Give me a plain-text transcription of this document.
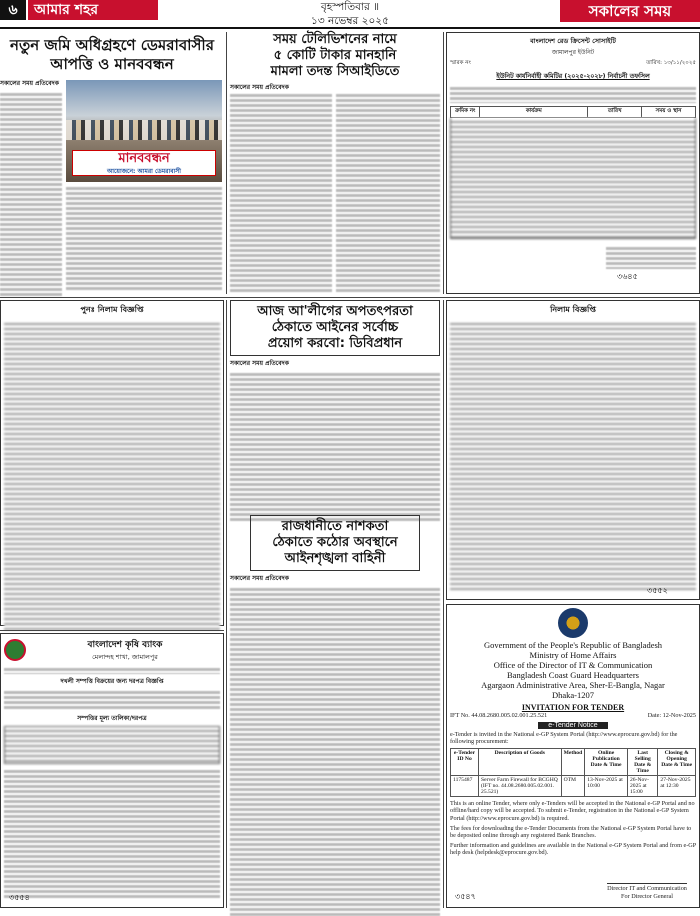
৬	আমার শহর	বৃহস্পতিবার ॥
১৩ নভেম্বর ২০২৫
সকালের সময়
নতুন জমি অধিগ্রহণে ডেমরাবাসীর আপত্তি ও মানববন্ধন
সকালের সময় প্রতিবেদক
মানববন্ধন
আয়োজনে: আমরা ডেমরাবাসী
সময় টেলিভিশনের নামে
৫ কোটি টাকার মানহানি
মামলা তদন্ত সিআইডিতে
সকালের সময় প্রতিবেদক
বাংলাদেশ রেড ক্রিসেন্ট সোসাইটি
জামালপুর ইউনিট
স্মারক নং	তারিখ: ১৩/১১/২০২৫
ইউনিট কার্যনির্বাহী কমিটির (২০২৫-২০২৮) নির্বাচনী তফসিল
ক্রমিক নং	কার্যক্রম	তারিখ	সময় ও স্থান
৩৬৪৫
পুনঃ নিলাম বিজ্ঞপ্তি	আজ আ'লীগের অপতৎপরতা
ঠেকাতে আইনের সর্বোচ্চ
প্রয়োগ করবো: ডিবিপ্রধান
সকালের সময় প্রতিবেদক
রাজধানীতে নাশকতা
ঠেকাতে কঠোর অবস্থানে
আইনশৃঙ্খলা বাহিনী
সকালের সময় প্রতিবেদক
নিলাম বিজ্ঞপ্তি
৩৫৫২
বাংলাদেশ কৃষি ব্যাংক
মেলান্দহ শাখা, জামালপুর
দখলী সম্পত্তি বিক্রয়ের জন্য দরপত্র বিজ্ঞপ্তি
সম্পত্তির মূল্য তালিকা/দরপত্র
৩৫৫৪
Government of the People's Republic of Bangladesh
Ministry of Home Affairs
Office of the Director of IT & Communication
Bangladesh Coast Guard Headquarters
Agargaon Administrative Area, Sher-E-Bangla, Nagar
Dhaka-1207
INVITATION FOR TENDER
IFT No. 44.08.2680.005.02.001.25.521	Date: 12-Nov-2025
e-Tender Notice
e-Tender is invited in the National e-GP System Portal (http://www.eprocure.gov.bd) for the following procurement:
e-Tender ID No	Description of Goods	Method	Online Publication Date & Time	Last Selling Date & Time	Closing & Opening Date & Time
1175487	Server Farm Firewall for BCGHQ (IFT no. 44.08.2680.005.02.001. 25.521)	OTM	13-Nov-2025 at 10:00	26-Nov-2025 at 15:00	27-Nov-2025 at 12:30
This is an online Tender, where only e-Tenders will be accepted in the National e-GP Portal and no offline/hard copy will be accepted. To submit e-Tender, registration in the National e-GP System Portal (http://www.eprocure.gov.bd) is required.
The fees for downloading the e-Tender Documents from the National e-GP System Portal have to be deposited online through any registered Bank Branches.
Further information and guidelines are available in the National e-GP System Portal and from e-GP help desk (helpdesk@eprocure.gov.bd).
৩৫৪৭
Director IT and Communication
For Director General
